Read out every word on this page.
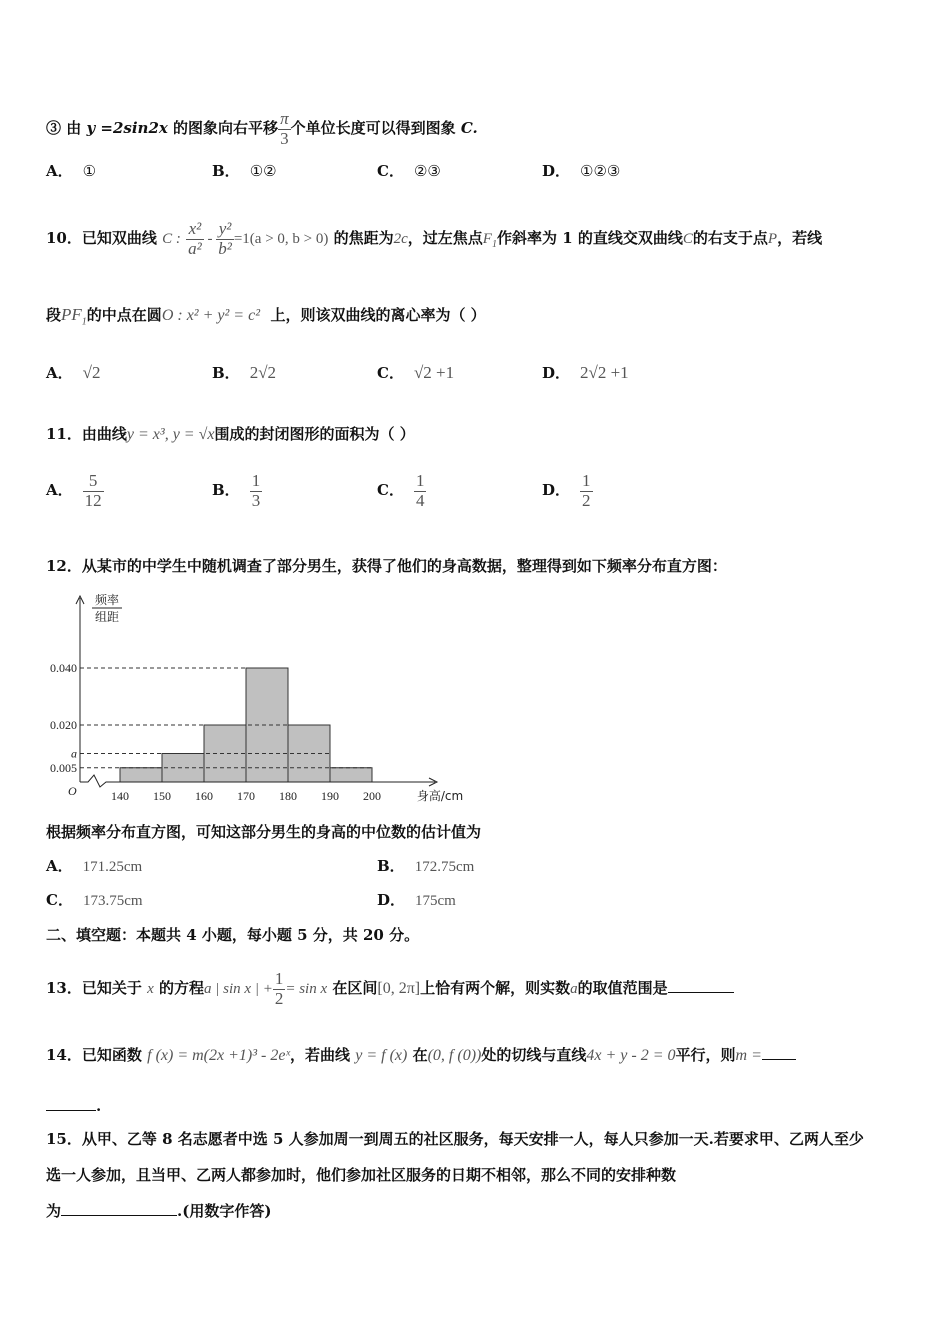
③ 由 y =2sin2x 的图象向右平移 $\frac{\pi}{3}$ 个单位长度可以得到图象 C.
A． ①	B． ①②	C． ②③	D． ①②③
10．已知双曲线 C : $\frac{\text{x²}}{\text{a²}} - \frac{\text{y²}}{\text{b²}} =1(a > 0$, b > 0) 的焦距为2c，过左焦点$F_1$作斜率为 1 的直线交双曲线C的右支于点P，若线
段$PF_1$的中点在圆O : x² + y² = c² 上，则该双曲线的离心率为（ ）
A． √2	B． 2√2	C． √2 +1	D． 2√2 +1
11．由曲线y = x³, y = √x围成的封闭图形的面积为（ ）
A． $\frac{5}{12}$	B． $\frac{1}{3}$	C． $\frac{1}{4}$	D． $\frac{1}{2}$
12．从某市的中学生中随机调查了部分男生，获得了他们的身高数据，整理得到如下频率分布直方图：
0.040
0.020
a
0.005
140 150 160 170 180 190 200
O	身高/cm
频率
组距
根据频率分布直方图，可知这部分男生的身高的中位数的估计值为
A． 171.25cm	B． 172.75cm
C． 173.75cm	D． 175cm
二、填空题：本题共 4 小题，每小题 5 分，共 20 分。
13．已知关于 x 的方程a | sin x | + $\frac{1}{2} = \sin x$ 在区间[0, 2π]上恰有两个解，则实数a的取值范围是
14．已知函数 f (x) = m(2x +1)³ - 2eˣ，若曲线 y = f (x) 在(0, f (0))处的切线与直线4x + y - 2 = 0平行，则m =
.
15．从甲、乙等 8 名志愿者中选 5 人参加周一到周五的社区服务，每天安排一人，每人只参加一天.若要求甲、乙两人至少
选一人参加，且当甲、乙两人都参加时，他们参加社区服务的日期不相邻，那么不同的安排种数
为	.(用数字作答)
